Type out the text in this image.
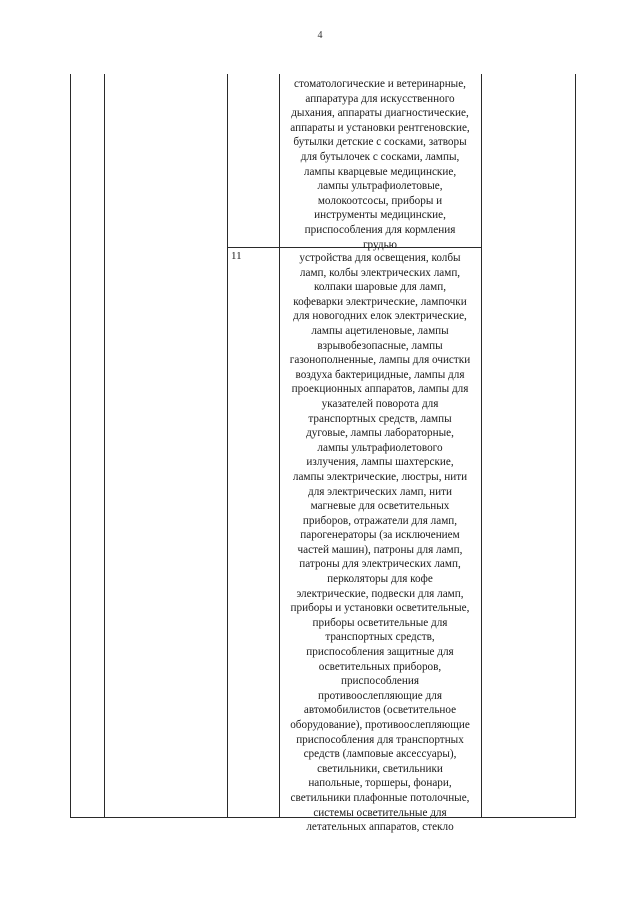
4
стоматологические и ветеринарные,
аппаратура для искусственного
дыхания, аппараты диагностические,
аппараты и установки рентгеновские,
бутылки детские с сосками, затворы
для бутылочек с сосками, лампы,
лампы кварцевые медицинские,
лампы ультрафиолетовые,
молокоотсосы, приборы и
инструменты медицинские,
приспособления для кормления
грудью
11	устройства для освещения, колбы
ламп, колбы электрических ламп,
колпаки шаровые для ламп,
кофеварки электрические, лампочки
для новогодних елок электрические,
лампы ацетиленовые, лампы
взрывобезопасные, лампы
газонополненные, лампы для очистки
воздуха бактерицидные, лампы для
проекционных аппаратов, лампы для
указателей поворота для
транспортных средств, лампы
дуговые, лампы лабораторные,
лампы ультрафиолетового
излучения, лампы шахтерские,
лампы электрические, люстры, нити
для электрических ламп, нити
магневые для осветительных
приборов, отражатели для ламп,
парогенераторы (за исключением
частей машин), патроны для ламп,
патроны для электрических ламп,
перколяторы для кофе
электрические, подвески для ламп,
приборы и установки осветительные,
приборы осветительные для
транспортных средств,
приспособления защитные для
осветительных приборов,
приспособления
противоослепляющие для
автомобилистов (осветительное
оборудование), противоослепляющие
приспособления для транспортных
средств (ламповые аксессуары),
светильники, светильники
напольные, торшеры, фонари,
светильники плафонные потолочные,
системы осветительные для
летательных аппаратов, стекло
